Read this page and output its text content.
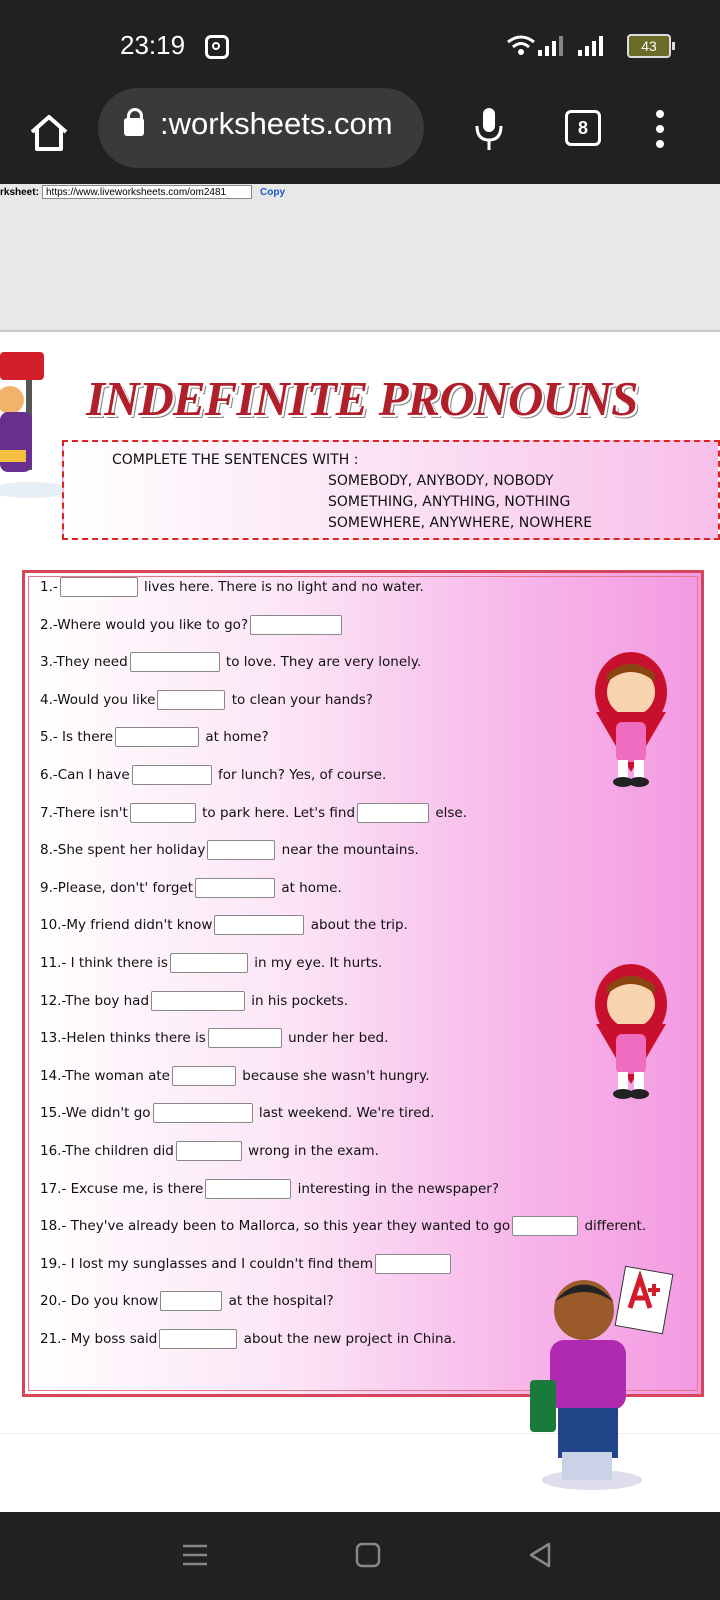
23:19	43
:worksheets.com	8
rksheet: https://www.liveworksheets.com/om2481	Copy
INDEFINITE PRONOUNS
COMPLETE THE SENTENCES WITH :
SOMEBODY, ANYBODY, NOBODY
SOMETHING, ANYTHING, NOTHING
SOMEWHERE, ANYWHERE, NOWHERE
1.-	lives here. There is no light and no water.
2.-Where would you like to go?
3.-They need	to love. They are very lonely.
4.-Would you like	to clean your hands?
5.- Is there	at home?
6.-Can I have	for lunch? Yes, of course.
7.-There isn't	to park here. Let's find	else.
8.-She spent her holiday	near the mountains.
9.-Please, don't' forget	at home.
10.-My friend didn't know	about the trip.
11.- I think there is	in my eye. It hurts.
12.-The boy had	in his pockets.
13.-Helen thinks there is	under her bed.
14.-The woman ate	because she wasn't hungry.
15.-We didn't go	last weekend. We're tired.
16.-The children did	wrong in the exam.
17.- Excuse me, is there	interesting in the newspaper?
18.- They've already been to Mallorca, so this year they wanted to go	different.
19.- I lost my sunglasses and I couldn't find them
20.- Do you know	at the hospital?
21.- My boss said	about the new project in China.
